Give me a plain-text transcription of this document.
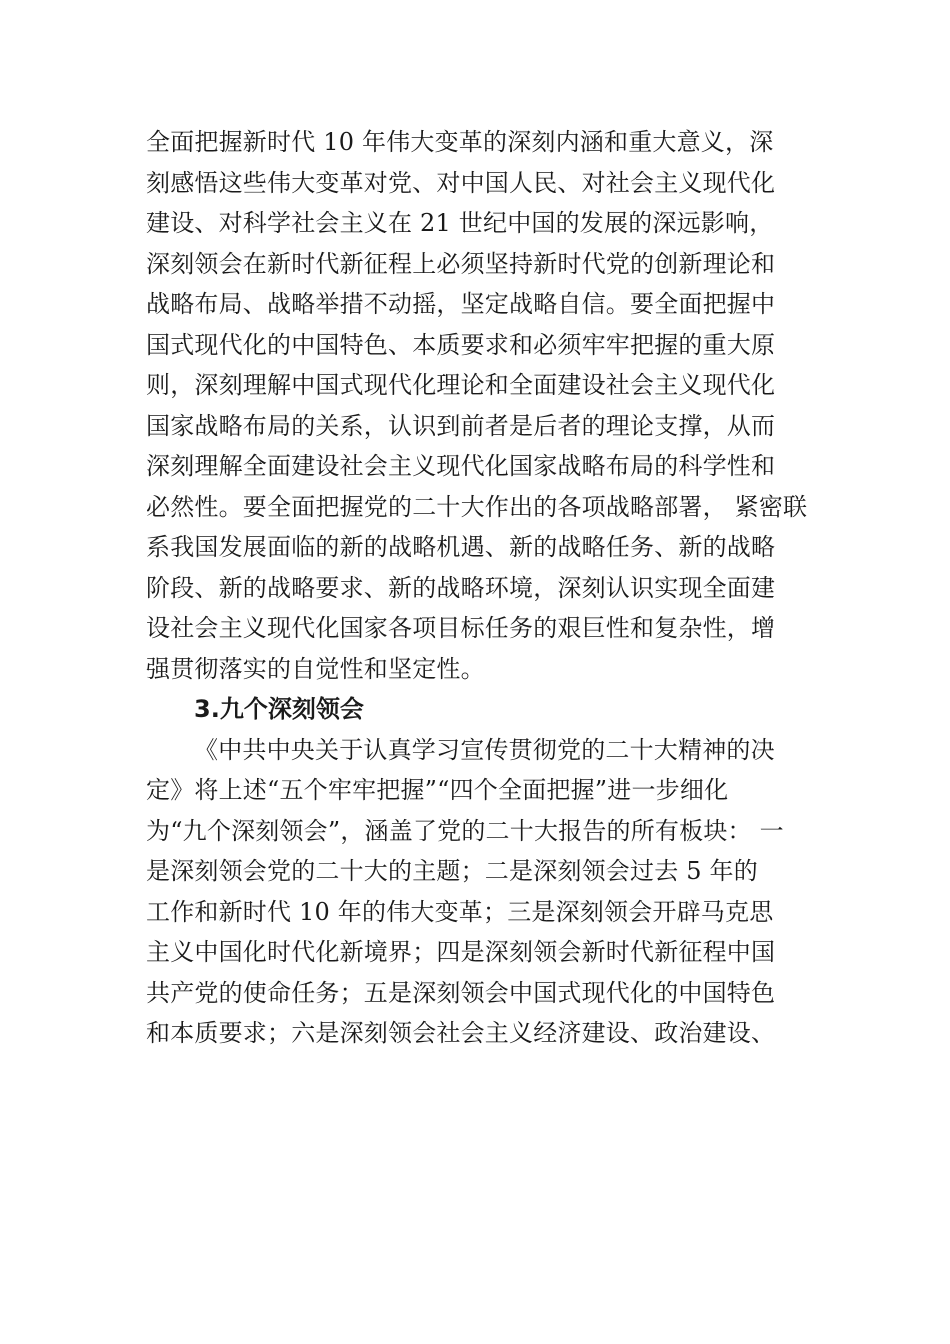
全面把握新时代 10 年伟大变革的深刻内涵和重大意义，深
刻感悟这些伟大变革对党、对中国人民、对社会主义现代化
建设、对科学社会主义在 21 世纪中国的发展的深远影响，
深刻领会在新时代新征程上必须坚持新时代党的创新理论和
战略布局、战略举措不动摇，坚定战略自信。要全面把握中
国式现代化的中国特色、本质要求和必须牢牢把握的重大原
则，深刻理解中国式现代化理论和全面建设社会主义现代化
国家战略布局的关系，认识到前者是后者的理论支撑，从而
深刻理解全面建设社会主义现代化国家战略布局的科学性和
必然性。要全面把握党的二十大作出的各项战略部署， 紧密联
系我国发展面临的新的战略机遇、新的战略任务、新的战略
阶段、新的战略要求、新的战略环境，深刻认识实现全面建
设社会主义现代化国家各项目标任务的艰巨性和复杂性，增
强贯彻落实的自觉性和坚定性。
3.九个深刻领会
《中共中央关于认真学习宣传贯彻党的二十大精神的决
定》将上述“五个牢牢把握”“四个全面把握”进一步细化
为“九个深刻领会”，涵盖了党的二十大报告的所有板块： 一
是深刻领会党的二十大的主题；二是深刻领会过去 5 年的
工作和新时代 10 年的伟大变革；三是深刻领会开辟马克思
主义中国化时代化新境界；四是深刻领会新时代新征程中国
共产党的使命任务；五是深刻领会中国式现代化的中国特色
和本质要求；六是深刻领会社会主义经济建设、政治建设、
